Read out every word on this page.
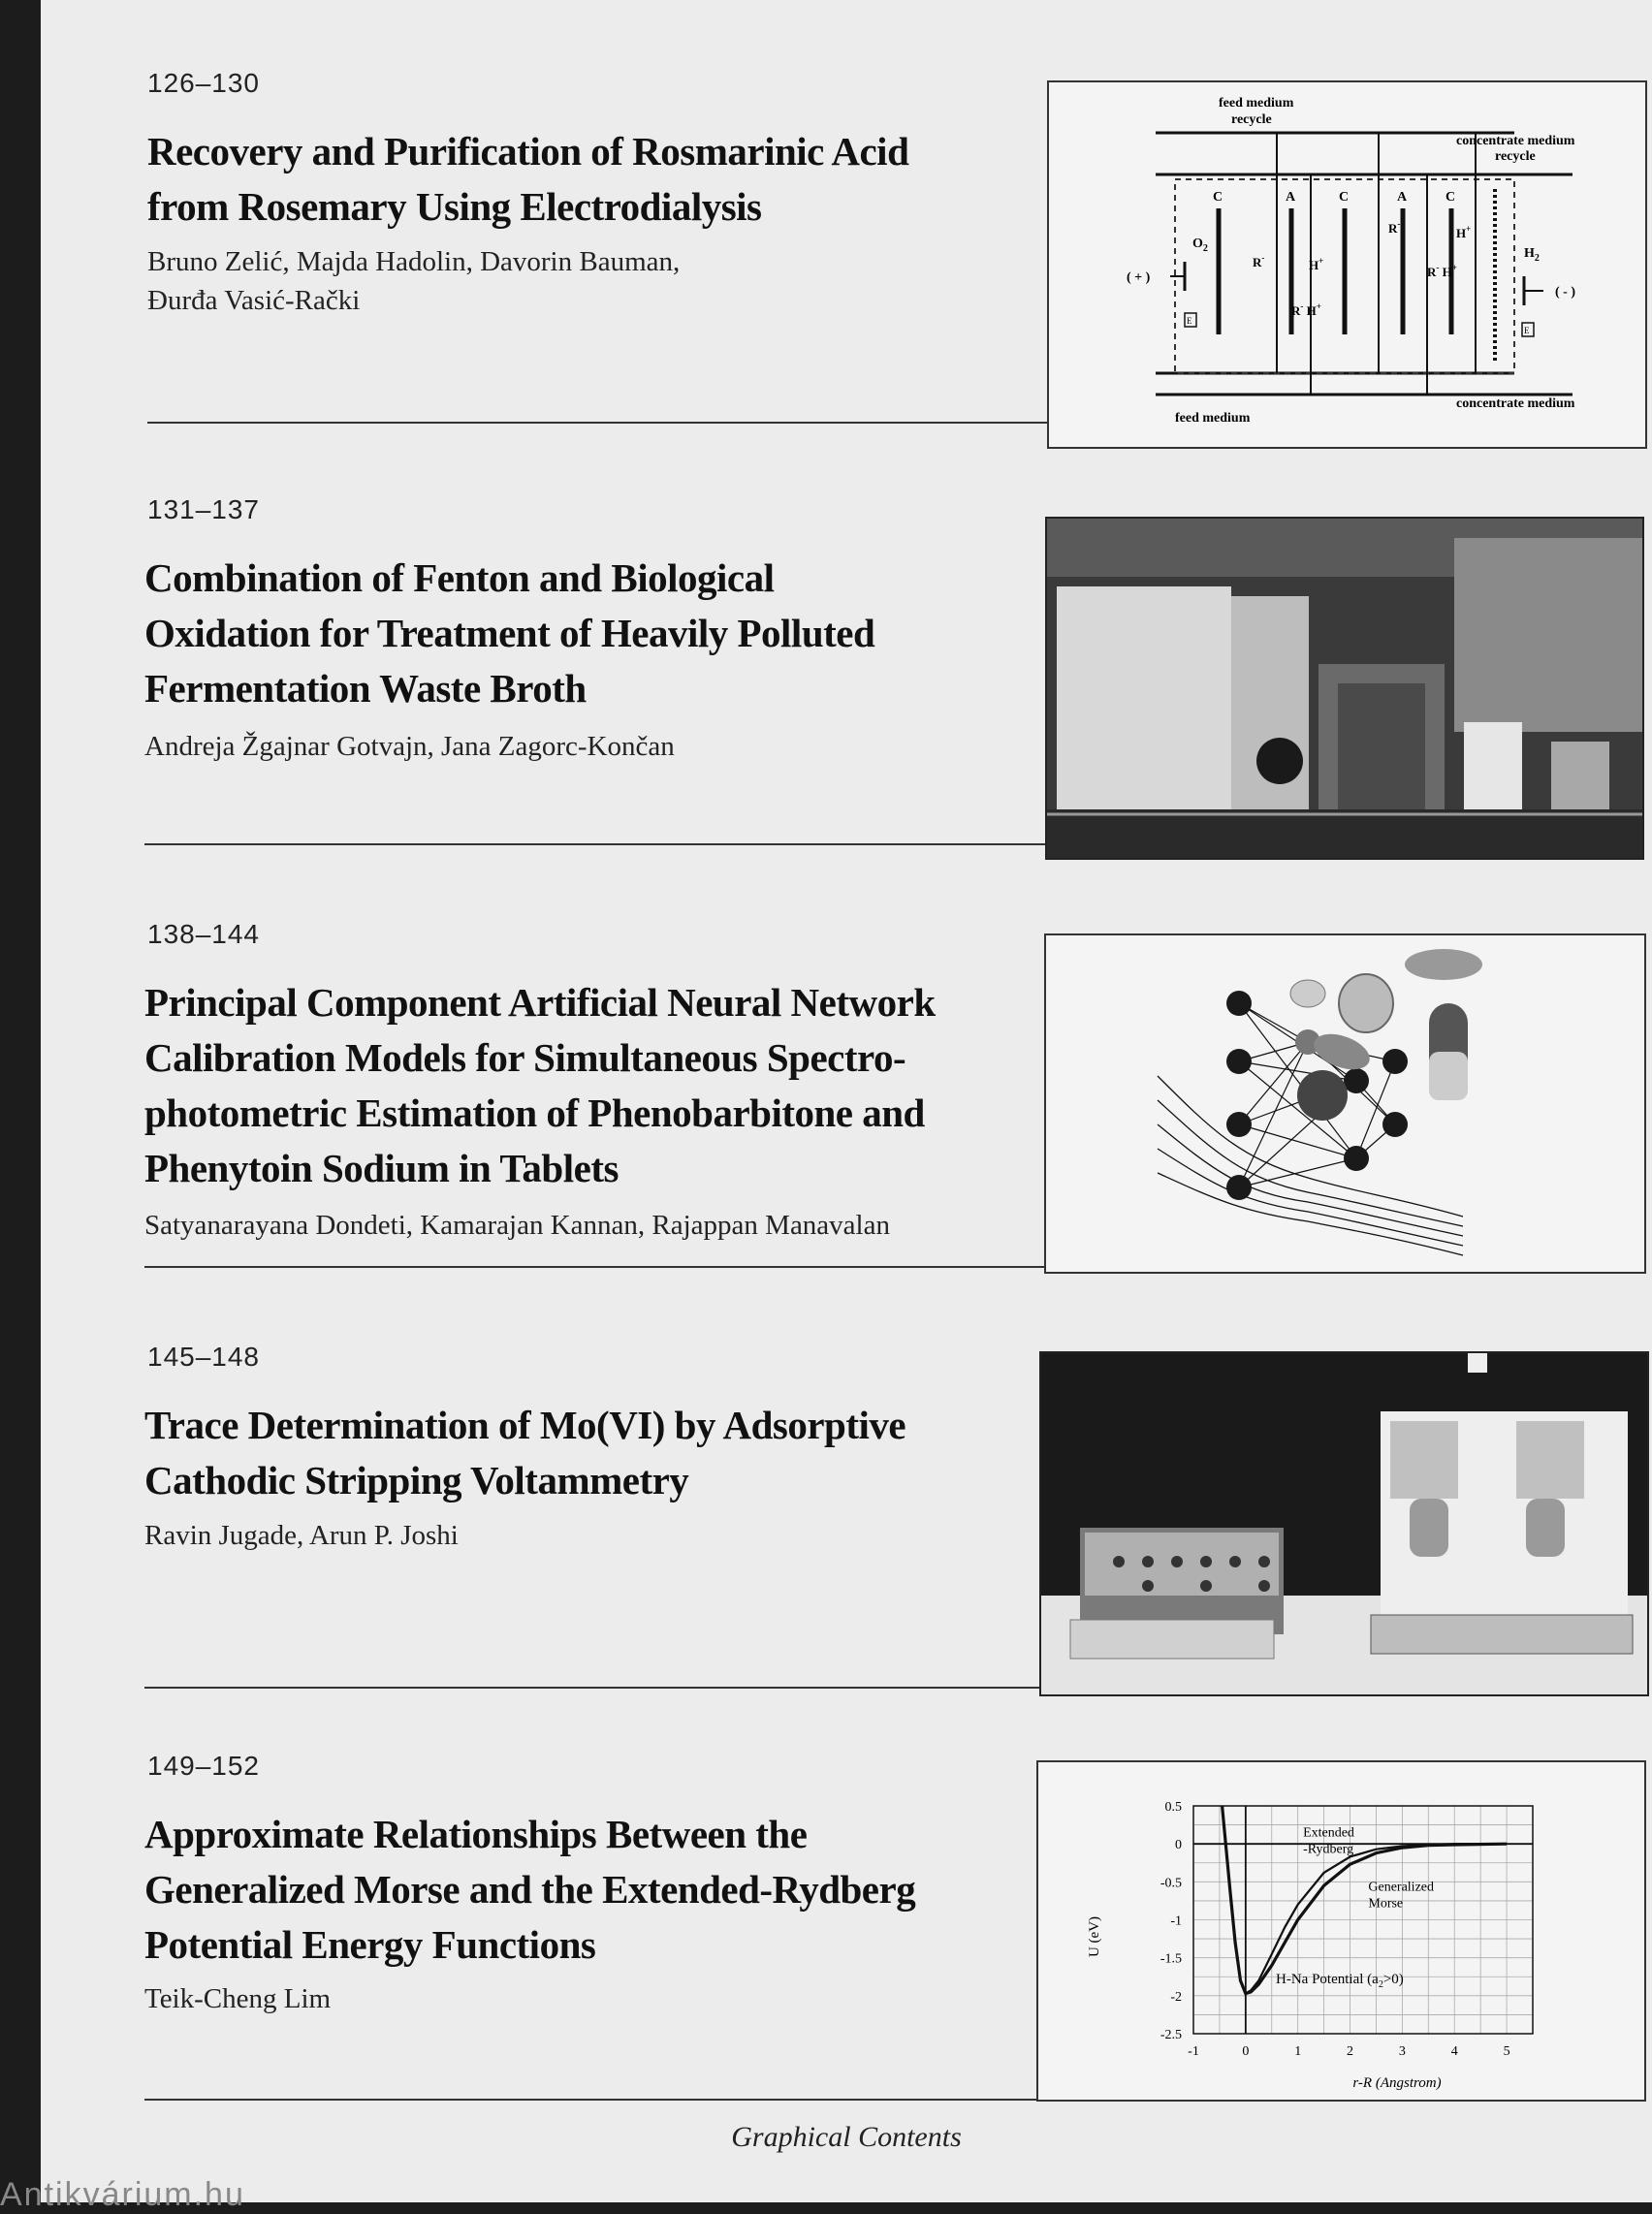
126–130
Recovery and Purification of Rosmarinic Acid
from Rosemary Using Electrodialysis
Bruno Zelić, Majda Hadolin, Davorin Bauman,
Đurđa Vasić-Rački
feed medium
recycle
concentrate medium
recycle
C	A	C	A	C
$O_2$	$H_2$
( + )
( - )
E
E
R-
R-
H+
H+
R- H+
R- H+
feed medium
concentrate medium
131–137
Combination of Fenton and Biological
Oxidation for Treatment of Heavily Polluted
Fermentation Waste Broth
Andreja Žgajnar Gotvajn, Jana Zagorc-Končan
138–144
Principal Component Artificial Neural Network
Calibration Models for Simultaneous Spectro-
photometric Estimation of Phenobarbitone and
Phenytoin Sodium in Tablets
Satyanarayana Dondeti, Kamarajan Kannan, Rajappan Manavalan
145–148
Trace Determination of Mo(VI) by Adsorptive
Cathodic Stripping Voltammetry
Ravin Jugade, Arun P. Joshi
149–152
Approximate Relationships Between the
Generalized Morse and the Extended-Rydberg
Potential Energy Functions
Teik-Cheng Lim
-1	0	1	2	3	4	5
0.5
0
-0.5
-1
-1.5
-2
-2.5
Extended
-Rydberg
Generalized
Morse
r-R (Angstrom)
U (eV)
H-Na Potential $(a_2>0)$
Graphical Contents
Antikvárium.hu
